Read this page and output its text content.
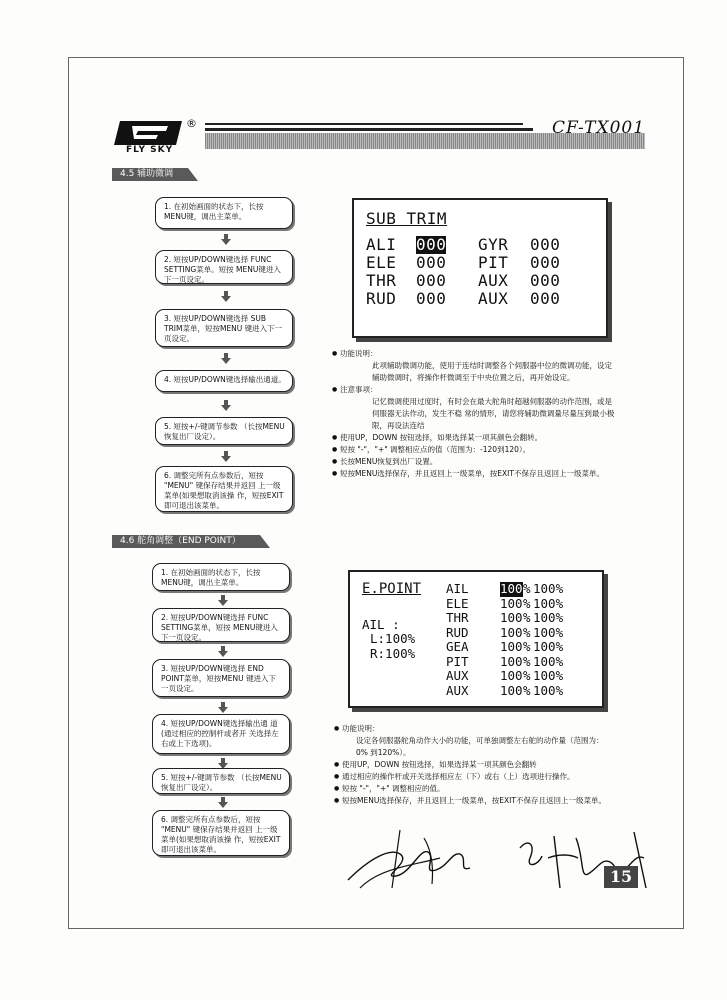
®
FLY SKY
CF-TX001
4.5 辅助微调
1. 在初始画面的状态下，长按 MENU键，调出主菜单。
2. 短按UP/DOWN键选择 FUNC SETTING菜单。短按 MENU键进入下一页设定。
3. 短按UP/DOWN键选择 SUB TRIM菜单，短按MENU 键进入下一页设定。
4. 短按UP/DOWN键选择输出通道。
5. 短按+/-键调节参数 （长按MENU恢复出厂设定）。
6. 调整完所有点参数后，短按 "MENU" 键保存结果并返回 上一级菜单(如果想取消该操 作，短按EXIT即可退出该菜单。
SUB TRIM
ALI 000 GYR 000
ELE 000 PIT 000
THR 000 AUX 000
RUD 000 AUX 000

● 功能说明：

此项辅助微调功能，使用于连结时调整各个伺服器中位的微调功能，设定辅助微调时，将操作杆微调至于中央位置之后，再开始设定。

● 注意事项：

记忆微调使用过度时，有时会在最大舵角时超越伺服器的动作范围，或是伺服器无法作动，发生不稳 常的情形，请您将辅助微调量尽量压到最小极限，再设法连结

● 使用UP，DOWN 按钮选择，如果选择某一项其颜色会翻转。

● 短按 "-"，"+" 调整相应点的值（范围为：-120到120）。

● 长按MENU恢复到出厂设置。

● 短按MENU选择保存，并且返回上一级菜单，按EXIT不保存且返回上一级菜单。

4.6 舵角调整（END POINT）
1. 在初始画面的状态下，长按 MENU键，调出主菜单。
2. 短按UP/DOWN键选择 FUNC SETTING菜单，短按 MENU键进入下一页设定。
3. 短按UP/DOWN键选择 END POINT菜单，短按MENU 键进入下一页设定。
4. 短按UP/DOWN键选择输出通 道(通过相应的控制杆或者开 关选择左右或上下选项)。
5. 短按+/-键调节参数 （长按MENU恢复出厂设定）。
6. 调整完所有点参数后，短按 "MENU" 键保存结果并返回 上一级菜单(如果想取消该操 作，短按EXIT即可退出该菜单。
E.POINT
AIL :
L:100%
R:100%
AIL	100 % 100%
ELE	100 % 100%
THR	100 % 100%
RUD	100 % 100%
GEA	100 % 100%
PIT	100 % 100%
AUX	100 % 100%
AUX	100 % 100%

● 功能说明：

设定各伺服器舵角动作大小的功能，可单独调整左右舵的动作量（范围为：0% 到120%）。

● 使用UP，DOWN 按钮选择，如果选择某一项其颜色会翻转

● 通过相应的操作杆或开关选择相应左（下）或右（上）选项进行操作。

● 短按 "-"，"+" 调整相应的值。

● 短按MENU选择保存，并且返回上一级菜单，按EXIT不保存且返回上一级菜单。

15
